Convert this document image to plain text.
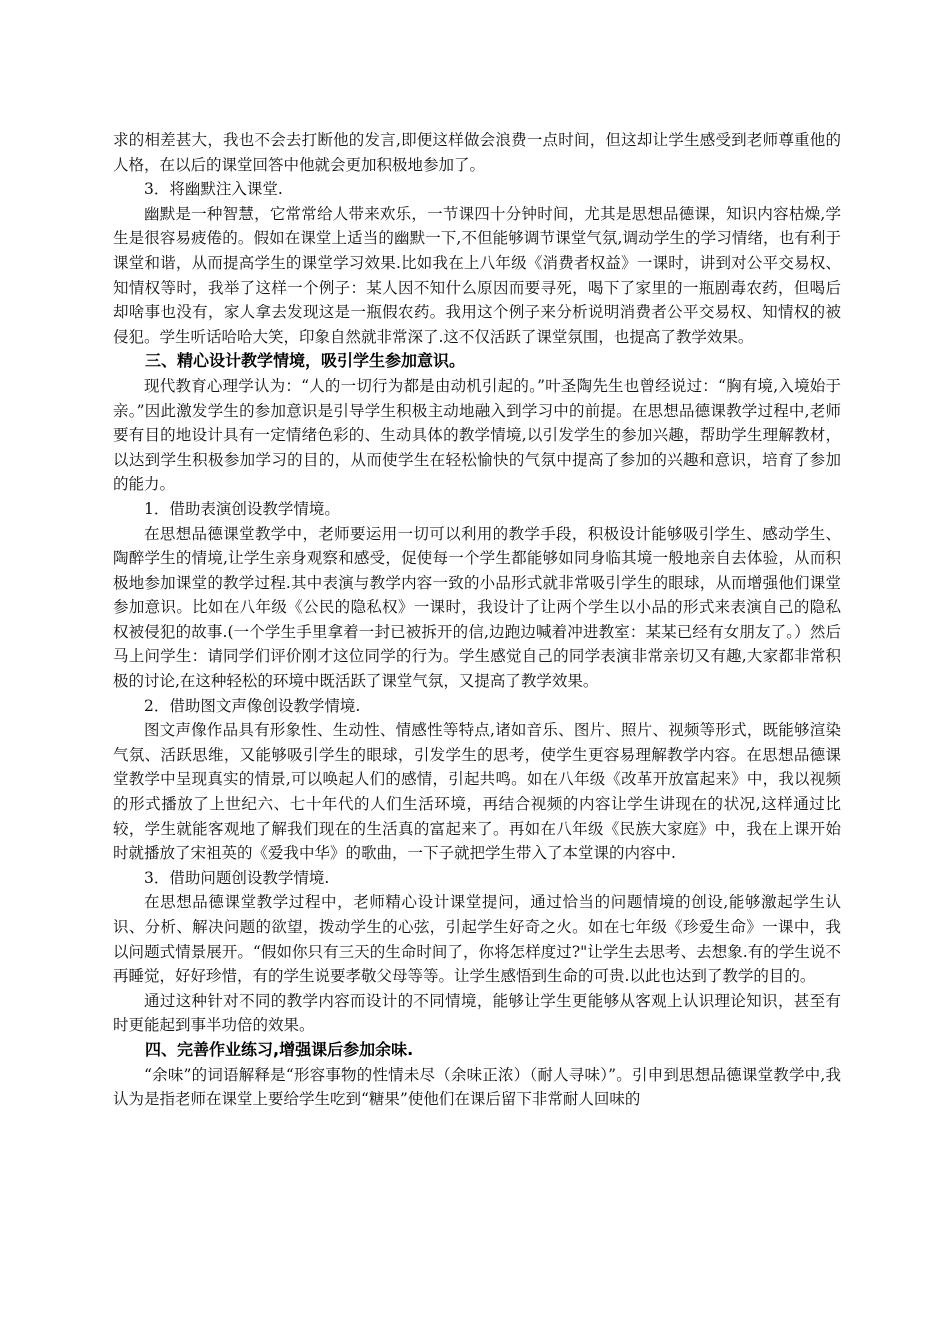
求的相差甚大，我也不会去打断他的发言,即便这样做会浪费一点时间，但这却让学生感受到老师尊重他的人格，在以后的课堂回答中他就会更加积极地参加了。

3．将幽默注入课堂.

幽默是一种智慧，它常常给人带来欢乐，一节课四十分钟时间，尤其是思想品德课，知识内容枯燥,学生是很容易疲倦的。假如在课堂上适当的幽默一下,不但能够调节课堂气氛,调动学生的学习情绪，也有利于课堂和谐，从而提高学生的课堂学习效果.比如我在上八年级《消费者权益》一课时，讲到对公平交易权、知情权等时，我举了这样一个例子：某人因不知什么原因而要寻死，喝下了家里的一瓶剧毒农药，但喝后却啥事也没有，家人拿去发现这是一瓶假农药。我用这个例子来分析说明消费者公平交易权、知情权的被侵犯。学生听话哈哈大笑，印象自然就非常深了.这不仅活跃了课堂氛围，也提高了教学效果。

三、精心设计教学情境，吸引学生参加意识。

现代教育心理学认为：“人的一切行为都是由动机引起的。”叶圣陶先生也曾经说过：“胸有境,入境始于亲。”因此激发学生的参加意识是引导学生积极主动地融入到学习中的前提。在思想品德课教学过程中,老师要有目的地设计具有一定情绪色彩的、生动具体的教学情境,以引发学生的参加兴趣，帮助学生理解教材，以达到学生积极参加学习的目的，从而使学生在轻松愉快的气氛中提高了参加的兴趣和意识，培育了参加的能力。

1．借助表演创设教学情境。

在思想品德课堂教学中，老师要运用一切可以利用的教学手段，积极设计能够吸引学生、感动学生、陶醉学生的情境,让学生亲身观察和感受，促使每一个学生都能够如同身临其境一般地亲自去体验，从而积极地参加课堂的教学过程.其中表演与教学内容一致的小品形式就非常吸引学生的眼球，从而增强他们课堂参加意识。比如在八年级《公民的隐私权》一课时，我设计了让两个学生以小品的形式来表演自己的隐私权被侵犯的故事.(一个学生手里拿着一封已被拆开的信,边跑边喊着冲进教室：某某已经有女朋友了。）然后马上问学生：请同学们评价刚才这位同学的行为。学生感觉自己的同学表演非常亲切又有趣,大家都非常积极的讨论,在这种轻松的环境中既活跃了课堂气氛，又提高了教学效果。

2．借助图文声像创设教学情境.

图文声像作品具有形象性、生动性、情感性等特点,诸如音乐、图片、照片、视频等形式，既能够渲染气氛、活跃思维，又能够吸引学生的眼球，引发学生的思考，使学生更容易理解教学内容。在思想品德课堂教学中呈现真实的情景,可以唤起人们的感情，引起共鸣。如在八年级《改革开放富起来》中，我以视频的形式播放了上世纪六、七十年代的人们生活环境，再结合视频的内容让学生讲现在的状况,这样通过比较，学生就能客观地了解我们现在的生活真的富起来了。再如在八年级《民族大家庭》中，我在上课开始时就播放了宋祖英的《爱我中华》的歌曲，一下子就把学生带入了本堂课的内容中.

3．借助问题创设教学情境.

在思想品德课堂教学过程中，老师精心设计课堂提问，通过恰当的问题情境的创设,能够激起学生认识、分析、解决问题的欲望，拨动学生的心弦，引起学生好奇之火。如在七年级《珍爱生命》一课中，我以问题式情景展开。“假如你只有三天的生命时间了，你将怎样度过?"让学生去思考、去想象.有的学生说不再睡觉，好好珍惜，有的学生说要孝敬父母等等。让学生感悟到生命的可贵.以此也达到了教学的目的。

通过这种针对不同的教学内容而设计的不同情境，能够让学生更能够从客观上认识理论知识，甚至有时更能起到事半功倍的效果。

四、完善作业练习,增强课后参加余味.

“余味”的词语解释是“形容事物的性情未尽（余味正浓）（耐人寻味）”。引申到思想品德课堂教学中,我认为是指老师在课堂上要给学生吃到“糖果”使他们在课后留下非常耐人回味的
